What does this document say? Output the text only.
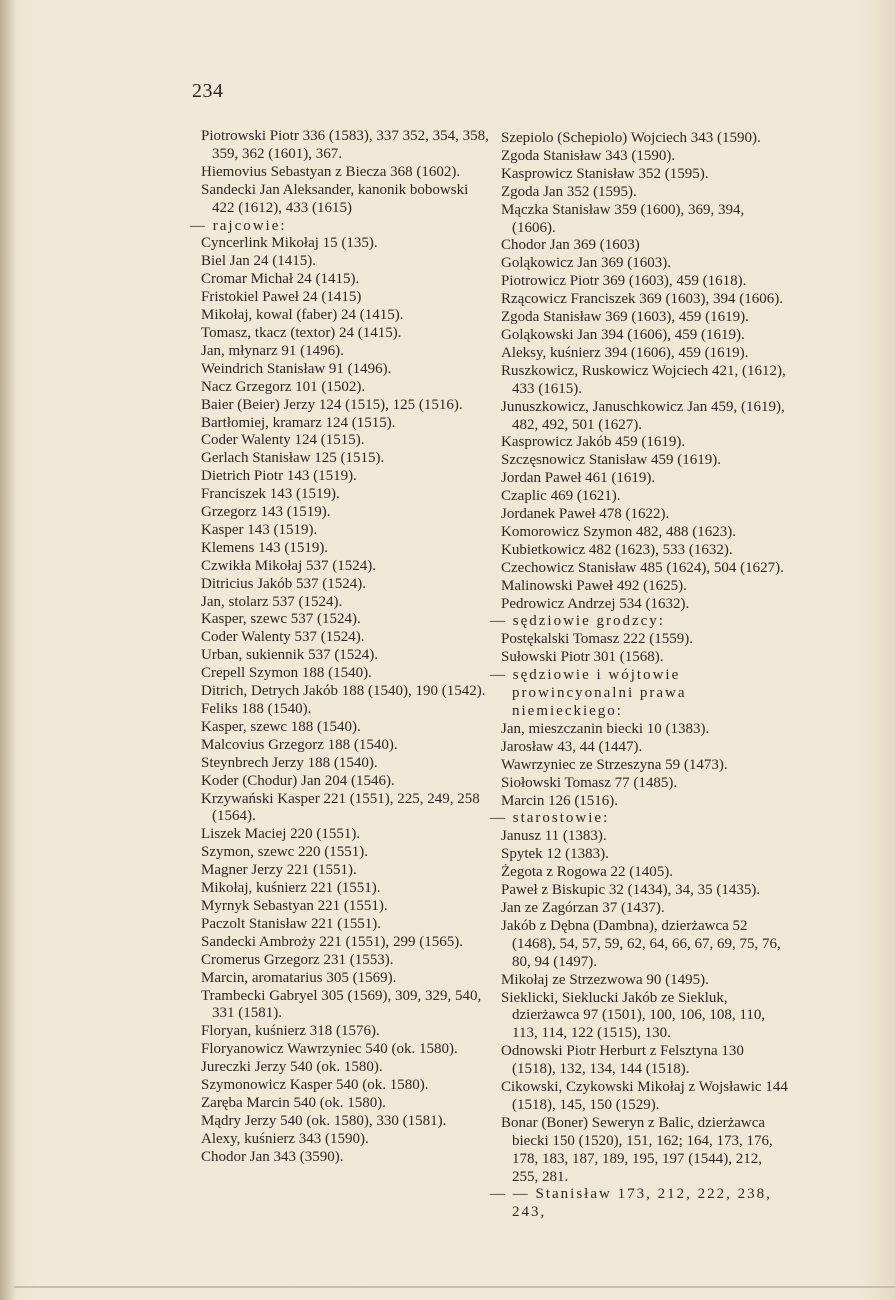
234
Piotrowski Piotr 336 (1583), 337 352, 354, 358, 359, 362 (1601), 367.
Hiemovius Sebastyan z Biecza 368 (1602).
Sandecki Jan Aleksander, kanonik bobowski 422 (1612), 433 (1615)
— rajcowie:
Cyncerlink Mikołaj 15 (135).
Biel Jan 24 (1415).
Cromar Michał 24 (1415).
Fristokiel Paweł 24 (1415)
Mikołaj, kowal (faber) 24 (1415).
Tomasz, tkacz (textor) 24 (1415).
Jan, młynarz 91 (1496).
Weindrich Stanisław 91 (1496).
Nacz Grzegorz 101 (1502).
Baier (Beier) Jerzy 124 (1515), 125 (1516).
Bartłomiej, kramarz 124 (1515).
Coder Walenty 124 (1515).
Gerlach Stanisław 125 (1515).
Dietrich Piotr 143 (1519).
Franciszek 143 (1519).
Grzegorz 143 (1519).
Kasper 143 (1519).
Klemens 143 (1519).
Czwikła Mikołaj 537 (1524).
Ditricius Jakób 537 (1524).
Jan, stolarz 537 (1524).
Kasper, szewc 537 (1524).
Coder Walenty 537 (1524).
Urban, sukiennik 537 (1524).
Crepell Szymon 188 (1540).
Ditrich, Detrych Jakób 188 (1540), 190 (1542).
Feliks 188 (1540).
Kasper, szewc 188 (1540).
Malcovius Grzegorz 188 (1540).
Steynbrech Jerzy 188 (1540).
Koder (Chodur) Jan 204 (1546).
Krzywański Kasper 221 (1551), 225, 249, 258 (1564).
Liszek Maciej 220 (1551).
Szymon, szewc 220 (1551).
Magner Jerzy 221 (1551).
Mikołaj, kuśnierz 221 (1551).
Myrnyk Sebastyan 221 (1551).
Paczolt Stanisław 221 (1551).
Sandecki Ambroży 221 (1551), 299 (1565).
Cromerus Grzegorz 231 (1553).
Marcin, aromatarius 305 (1569).
Trambecki Gabryel 305 (1569), 309, 329, 540, 331 (1581).
Floryan, kuśnierz 318 (1576).
Floryanowicz Wawrzyniec 540 (ok. 1580).
Jureczki Jerzy 540 (ok. 1580).
Szymonowicz Kasper 540 (ok. 1580).
Zaręba Marcin 540 (ok. 1580).
Mądry Jerzy 540 (ok. 1580), 330 (1581).
Alexy, kuśnierz 343 (1590).
Chodor Jan 343 (3590).
Szepiolo (Schepiolo) Wojciech 343 (1590).
Zgoda Stanisław 343 (1590).
Kasprowicz Stanisław 352 (1595).
Zgoda Jan 352 (1595).
Mączka Stanisław 359 (1600), 369, 394, (1606).
Chodor Jan 369 (1603)
Goląkowicz Jan 369 (1603).
Piotrowicz Piotr 369 (1603), 459 (1618).
Rzącowicz Franciszek 369 (1603), 394 (1606).
Zgoda Stanisław 369 (1603), 459 (1619).
Goląkowski Jan 394 (1606), 459 (1619).
Aleksy, kuśnierz 394 (1606), 459 (1619).
Ruszkowicz, Ruskowicz Wojciech 421, (1612), 433 (1615).
Junuszkowicz, Januschkowicz Jan 459, (1619), 482, 492, 501 (1627).
Kasprowicz Jakób 459 (1619).
Szczęsnowicz Stanisław 459 (1619).
Jordan Paweł 461 (1619).
Czaplic 469 (1621).
Jordanek Paweł 478 (1622).
Komorowicz Szymon 482, 488 (1623).
Kubietkowicz 482 (1623), 533 (1632).
Czechowicz Stanisław 485 (1624), 504 (1627).
Malinowski Paweł 492 (1625).
Pedrowicz Andrzej 534 (1632).
— sędziowie grodzcy:
Postękalski Tomasz 222 (1559).
Sułowski Piotr 301 (1568).
— sędziowie i wójtowie prowincyonalni prawa niemieckiego:
Jan, mieszczanin biecki 10 (1383).
Jarosław 43, 44 (1447).
Wawrzyniec ze Strzeszyna 59 (1473).
Siołowski Tomasz 77 (1485).
Marcin 126 (1516).
— starostowie:
Janusz 11 (1383).
Spytek 12 (1383).
Żegota z Rogowa 22 (1405).
Paweł z Biskupic 32 (1434), 34, 35 (1435).
Jan ze Zagórzan 37 (1437).
Jakób z Dębna (Dambna), dzierżawca 52 (1468), 54, 57, 59, 62, 64, 66, 67, 69, 75, 76, 80, 94 (1497).
Mikołaj ze Strzezwowa 90 (1495).
Sieklicki, Sieklucki Jakób ze Siekluk, dzierżawca 97 (1501), 100, 106, 108, 110, 113, 114, 122 (1515), 130.
Odnowski Piotr Herburt z Felsztyna 130 (1518), 132, 134, 144 (1518).
Cikowski, Czykowski Mikołaj z Wojsławic 144 (1518), 145, 150 (1529).
Bonar (Boner) Seweryn z Balic, dzierżawca biecki 150 (1520), 151, 162; 164, 173, 176, 178, 183, 187, 189, 195, 197 (1544), 212, 255, 281.
— — Stanisław 173, 212, 222, 238, 243,
